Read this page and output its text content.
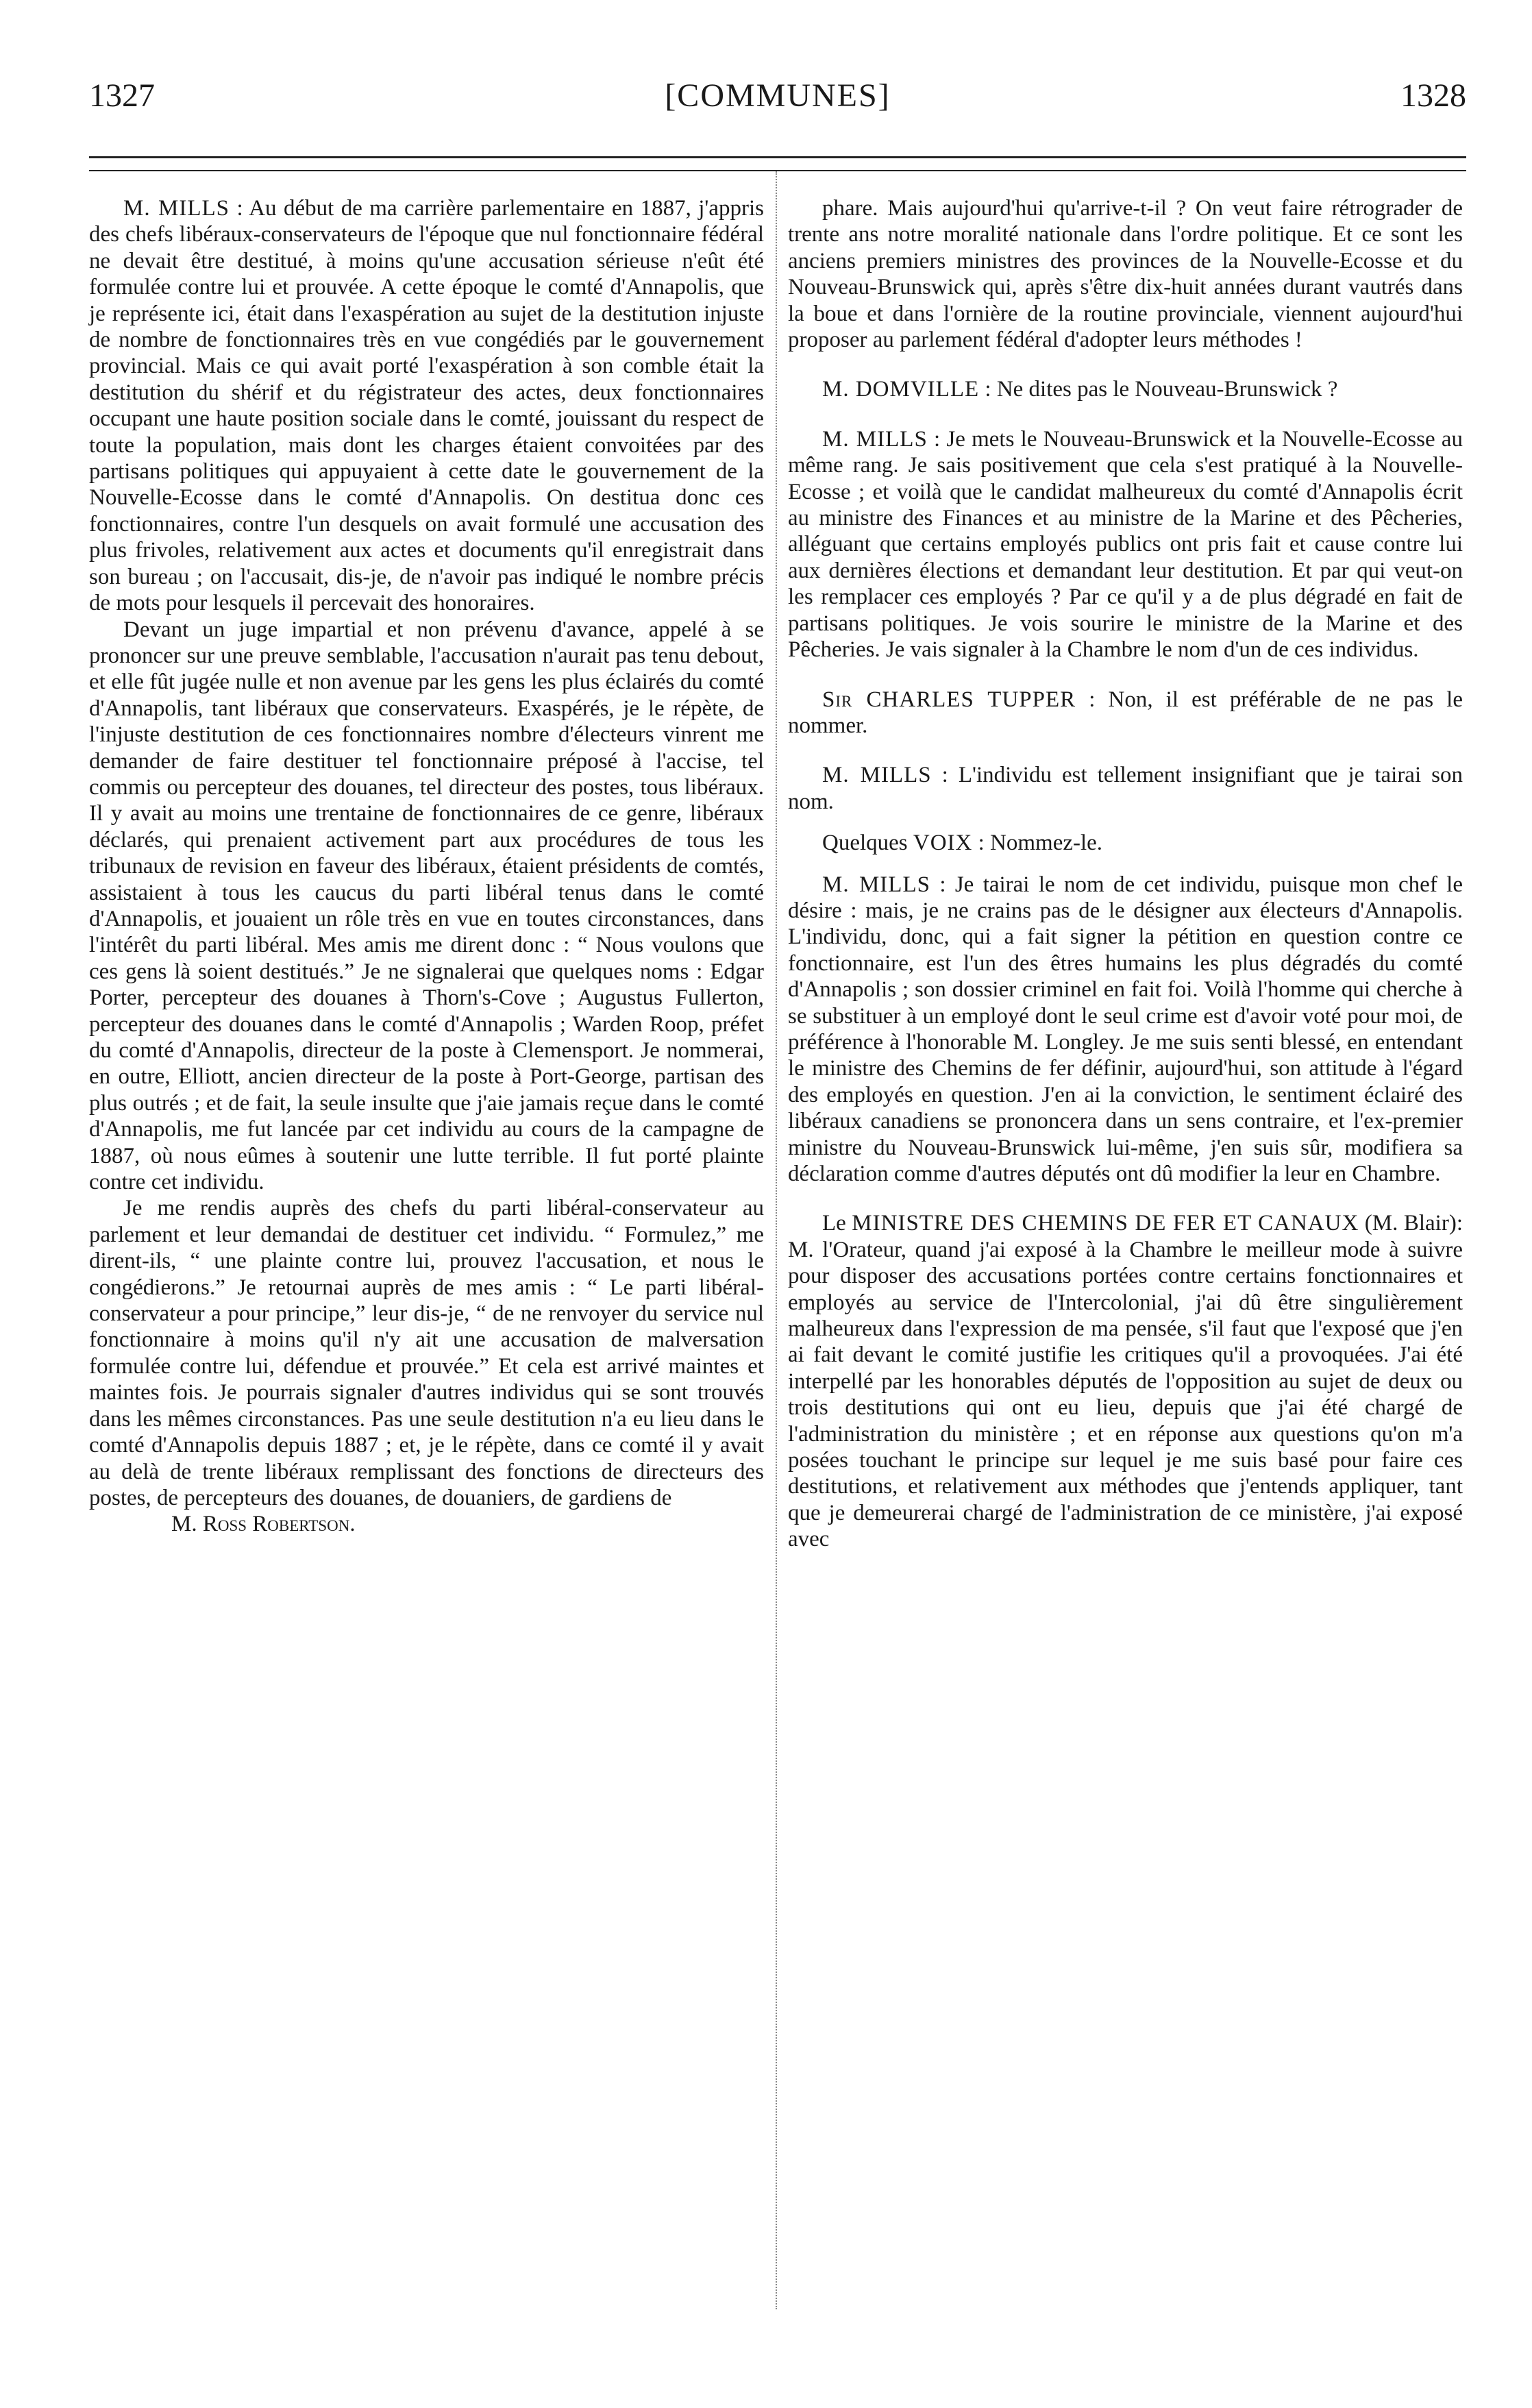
1327	[COMMUNES]	1328

M. MILLS : Au début de ma carrière parlementaire en 1887, j'appris des chefs libéraux-conservateurs de l'époque que nul fonctionnaire fédéral ne devait être destitué, à moins qu'une accusation sérieuse n'eût été formulée contre lui et prouvée. A cette époque le comté d'Annapolis, que je représente ici, était dans l'exaspération au sujet de la destitution injuste de nombre de fonctionnaires très en vue congédiés par le gouvernement provincial. Mais ce qui avait porté l'exaspération à son comble était la destitution du shérif et du régistrateur des actes, deux fonctionnaires occupant une haute position sociale dans le comté, jouissant du respect de toute la population, mais dont les charges étaient convoitées par des partisans politiques qui appuyaient à cette date le gouvernement de la Nouvelle-Ecosse dans le comté d'Annapolis. On destitua donc ces fonctionnaires, contre l'un desquels on avait formulé une accusation des plus frivoles, relativement aux actes et documents qu'il enregistrait dans son bureau ; on l'accusait, dis-je, de n'avoir pas indiqué le nombre précis de mots pour lesquels il percevait des honoraires.

Devant un juge impartial et non prévenu d'avance, appelé à se prononcer sur une preuve semblable, l'accusation n'aurait pas tenu debout, et elle fût jugée nulle et non avenue par les gens les plus éclairés du comté d'Annapolis, tant libéraux que conservateurs. Exaspérés, je le répète, de l'injuste destitution de ces fonctionnaires nombre d'électeurs vinrent me demander de faire destituer tel fonctionnaire préposé à l'accise, tel commis ou percepteur des douanes, tel directeur des postes, tous libéraux. Il y avait au moins une trentaine de fonctionnaires de ce genre, libéraux déclarés, qui prenaient activement part aux procédures de tous les tribunaux de revision en faveur des libéraux, étaient présidents de comtés, assistaient à tous les caucus du parti libéral tenus dans le comté d'Annapolis, et jouaient un rôle très en vue en toutes circonstances, dans l'intérêt du parti libéral. Mes amis me dirent donc : “ Nous voulons que ces gens là soient destitués.” Je ne signalerai que quelques noms : Edgar Porter, percepteur des douanes à Thorn's-Cove ; Augustus Fullerton, percepteur des douanes dans le comté d'Annapolis ; Warden Roop, préfet du comté d'Annapolis, directeur de la poste à Clemensport. Je nommerai, en outre, Elliott, ancien directeur de la poste à Port-George, partisan des plus outrés ; et de fait, la seule insulte que j'aie jamais reçue dans le comté d'Annapolis, me fut lancée par cet individu au cours de la campagne de 1887, où nous eûmes à soutenir une lutte terrible. Il fut porté plainte contre cet individu.

Je me rendis auprès des chefs du parti libéral-conservateur au parlement et leur demandai de destituer cet individu. “ Formulez,” me dirent-ils, “ une plainte contre lui, prouvez l'accusation, et nous le congédierons.” Je retournai auprès de mes amis : “ Le parti libéral-conservateur a pour principe,” leur dis-je, “ de ne renvoyer du service nul fonctionnaire à moins qu'il n'y ait une accusation de malversation formulée contre lui, défendue et prouvée.” Et cela est arrivé maintes et maintes fois. Je pourrais signaler d'autres individus qui se sont trouvés dans les mêmes circonstances. Pas une seule destitution n'a eu lieu dans le comté d'Annapolis depuis 1887 ; et, je le répète, dans ce comté il y avait au delà de trente libéraux remplissant des fonctions de directeurs des postes, de percepteurs des douanes, de douaniers, de gardiens de

M. Ross Robertson.

phare. Mais aujourd'hui qu'arrive-t-il ? On veut faire rétrograder de trente ans notre moralité nationale dans l'ordre politique. Et ce sont les anciens premiers ministres des provinces de la Nouvelle-Ecosse et du Nouveau-Brunswick qui, après s'être dix-huit années durant vautrés dans la boue et dans l'ornière de la routine provinciale, viennent aujourd'hui proposer au parlement fédéral d'adopter leurs méthodes !

M. DOMVILLE : Ne dites pas le Nouveau-Brunswick ?

M. MILLS : Je mets le Nouveau-Brunswick et la Nouvelle-Ecosse au même rang. Je sais positivement que cela s'est pratiqué à la Nouvelle-Ecosse ; et voilà que le candidat malheureux du comté d'Annapolis écrit au ministre des Finances et au ministre de la Marine et des Pêcheries, alléguant que certains employés publics ont pris fait et cause contre lui aux dernières élections et demandant leur destitution. Et par qui veut-on les remplacer ces employés ? Par ce qu'il y a de plus dégradé en fait de partisans politiques. Je vois sourire le ministre de la Marine et des Pêcheries. Je vais signaler à la Chambre le nom d'un de ces individus.

Sir CHARLES TUPPER : Non, il est préférable de ne pas le nommer.

M. MILLS : L'individu est tellement insignifiant que je tairai son nom.

Quelques VOIX : Nommez-le.

M. MILLS : Je tairai le nom de cet individu, puisque mon chef le désire : mais, je ne crains pas de le désigner aux électeurs d'Annapolis. L'individu, donc, qui a fait signer la pétition en question contre ce fonctionnaire, est l'un des êtres humains les plus dégradés du comté d'Annapolis ; son dossier criminel en fait foi. Voilà l'homme qui cherche à se substituer à un employé dont le seul crime est d'avoir voté pour moi, de préférence à l'honorable M. Longley. Je me suis senti blessé, en entendant le ministre des Chemins de fer définir, aujourd'hui, son attitude à l'égard des employés en question. J'en ai la conviction, le sentiment éclairé des libéraux canadiens se prononcera dans un sens contraire, et l'ex-premier ministre du Nouveau-Brunswick lui-même, j'en suis sûr, modifiera sa déclaration comme d'autres députés ont dû modifier la leur en Chambre.

Le MINISTRE DES CHEMINS DE FER ET CANAUX (M. Blair): M. l'Orateur, quand j'ai exposé à la Chambre le meilleur mode à suivre pour disposer des accusations portées contre certains fonctionnaires et employés au service de l'Intercolonial, j'ai dû être singulièrement malheureux dans l'expression de ma pensée, s'il faut que l'exposé que j'en ai fait devant le comité justifie les critiques qu'il a provoquées. J'ai été interpellé par les honorables députés de l'opposition au sujet de deux ou trois destitutions qui ont eu lieu, depuis que j'ai été chargé de l'administration du ministère ; et en réponse aux questions qu'on m'a posées touchant le principe sur lequel je me suis basé pour faire ces destitutions, et relativement aux méthodes que j'entends appliquer, tant que je demeurerai chargé de l'administration de ce ministère, j'ai exposé avec
